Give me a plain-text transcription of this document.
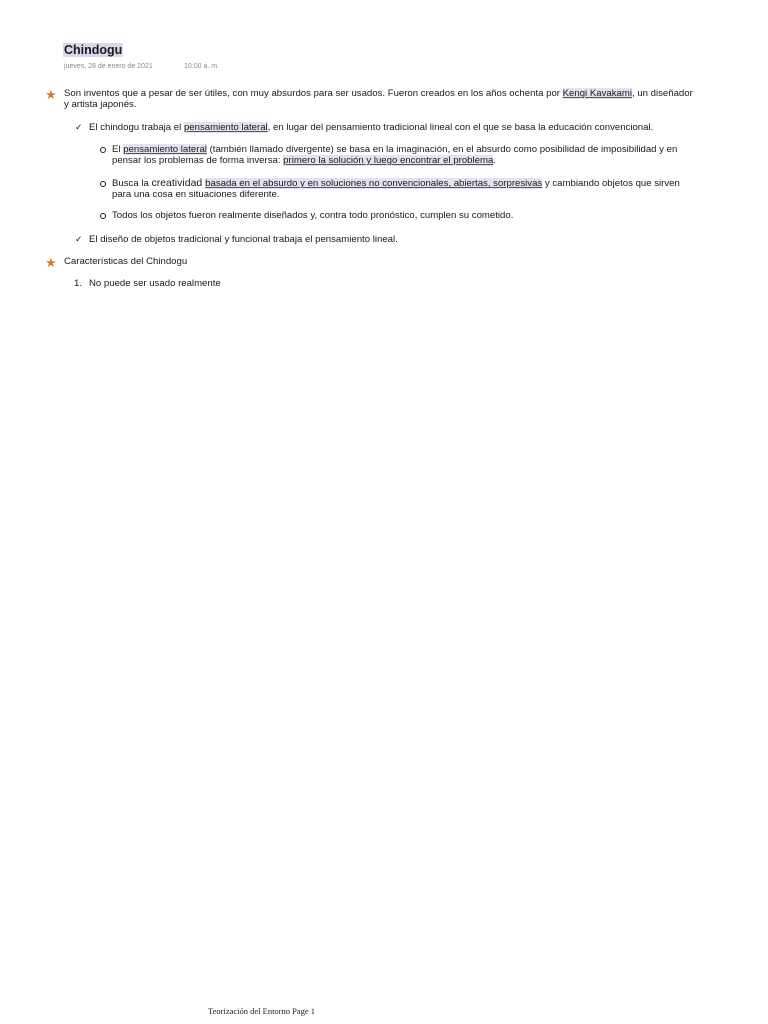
Chindogu
jueves, 28 de enero de 2021	10:00 a. m.
★ Son inventos que a pesar de ser útiles, con muy absurdos para ser usados. Fueron creados en los años ochenta por Kengi Kavakami, un diseñador
y artista japonés.
✓ El chindogu trabaja el pensamiento lateral, en lugar del pensamiento tradicional lineal con el que se basa la educación convencional.
El pensamiento lateral (también llamado divergente) se basa en la imaginación, en el absurdo como posibilidad de imposibilidad y en
pensar los problemas de forma inversa: primero la solución y luego encontrar el problema.
Busca la creatividad basada en el absurdo y en soluciones no convencionales, abiertas, sorpresivas y cambiando objetos que sirven
para una cosa en situaciones diferente.
Todos los objetos fueron realmente diseñados y, contra todo pronóstico, cumplen su cometido.
✓ El diseño de objetos tradicional y funcional trabaja el pensamiento lineal.
★ Características del Chindogu
1. No puede ser usado realmente
Teorización del Entorno Page 1
